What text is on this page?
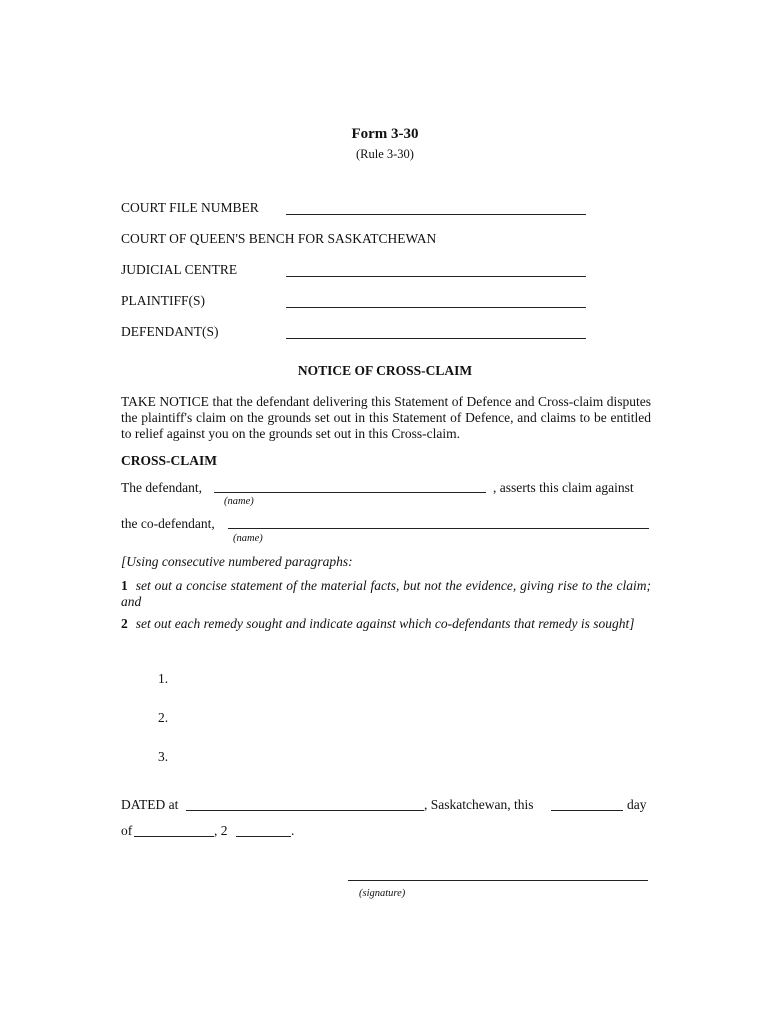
Form 3-30
(Rule 3-30)
COURT FILE NUMBER
COURT OF QUEEN'S BENCH FOR SASKATCHEWAN
JUDICIAL CENTRE
PLAINTIFF(S)
DEFENDANT(S)
NOTICE OF CROSS-CLAIM
TAKE NOTICE that the defendant delivering this Statement of Defence and Cross-claim disputes the plaintiff's claim on the grounds set out in this Statement of Defence, and claims to be entitled to relief against you on the grounds set out in this Cross-claim.
CROSS-CLAIM
The defendant,	, asserts this claim against
(name)
the co-defendant,
(name)
[Using consecutive numbered paragraphs:
1 set out a concise statement of the material facts, but not the evidence, giving rise to the claim; and
2 set out each remedy sought and indicate against which co-defendants that remedy is sought]
1.
2.
3.
DATED at	, Saskatchewan, this	day
of	, 2	.
(signature)
